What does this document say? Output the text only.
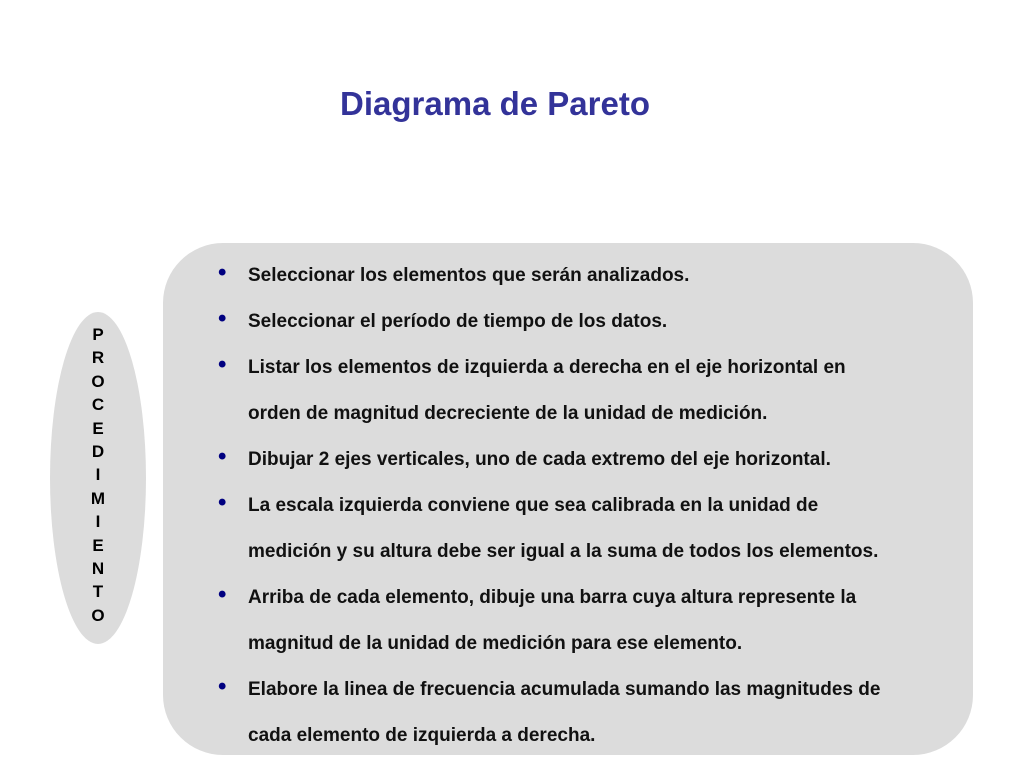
Diagrama de Pareto
P
R
O
C
E
D
I
M
I
E
N
T
O
• Seleccionar los elementos que serán analizados.
• Seleccionar el período de tiempo de los datos.
• Listar los elementos de izquierda a derecha en el eje horizontal en
orden de magnitud decreciente de la unidad de medición.
• Dibujar 2 ejes verticales, uno de cada extremo del eje horizontal.
• La escala izquierda conviene que sea calibrada en la unidad de
medición y su altura debe ser igual a la suma de todos los elementos.
• Arriba de cada elemento, dibuje una barra cuya altura represente la
magnitud de la unidad de medición para ese elemento.
• Elabore la linea de frecuencia acumulada sumando las magnitudes de
cada elemento de izquierda a derecha.
